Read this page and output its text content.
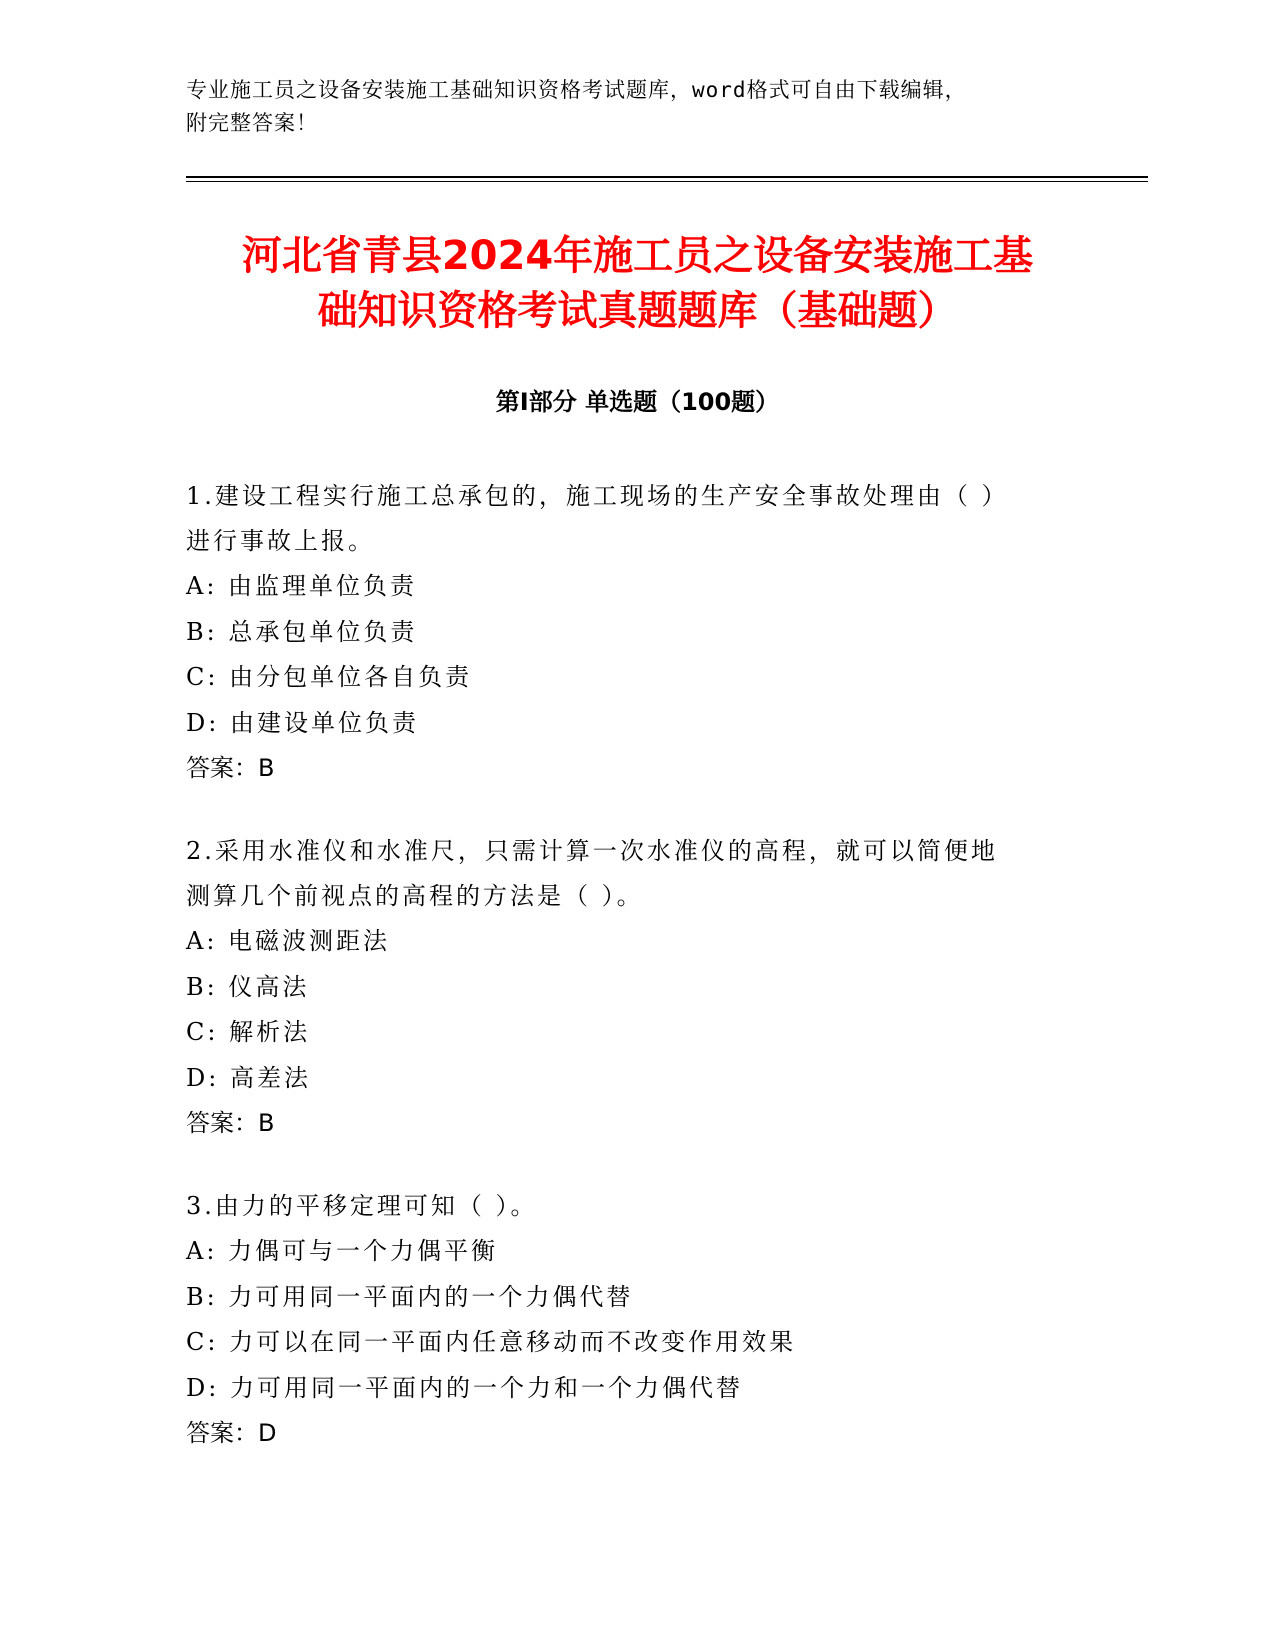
专业施工员之设备安装施工基础知识资格考试题库，word格式可自由下载编辑，
附完整答案！
河北省青县2024年施工员之设备安装施工基
础知识资格考试真题题库（基础题）
第Ⅰ部分 单选题（100题）
1.建设工程实行施工总承包的，施工现场的生产安全事故处理由（ ）
进行事故上报。
A: 由监理单位负责
B: 总承包单位负责
C: 由分包单位各自负责
D: 由建设单位负责
答案：B
2.采用水准仪和水准尺，只需计算一次水准仪的高程，就可以简便地
测算几个前视点的高程的方法是（ ）。
A: 电磁波测距法
B: 仪高法
C: 解析法
D: 高差法
答案：B
3.由力的平移定理可知（ ）。
A: 力偶可与一个力偶平衡
B: 力可用同一平面内的一个力偶代替
C: 力可以在同一平面内任意移动而不改变作用效果
D: 力可用同一平面内的一个力和一个力偶代替
答案：D
